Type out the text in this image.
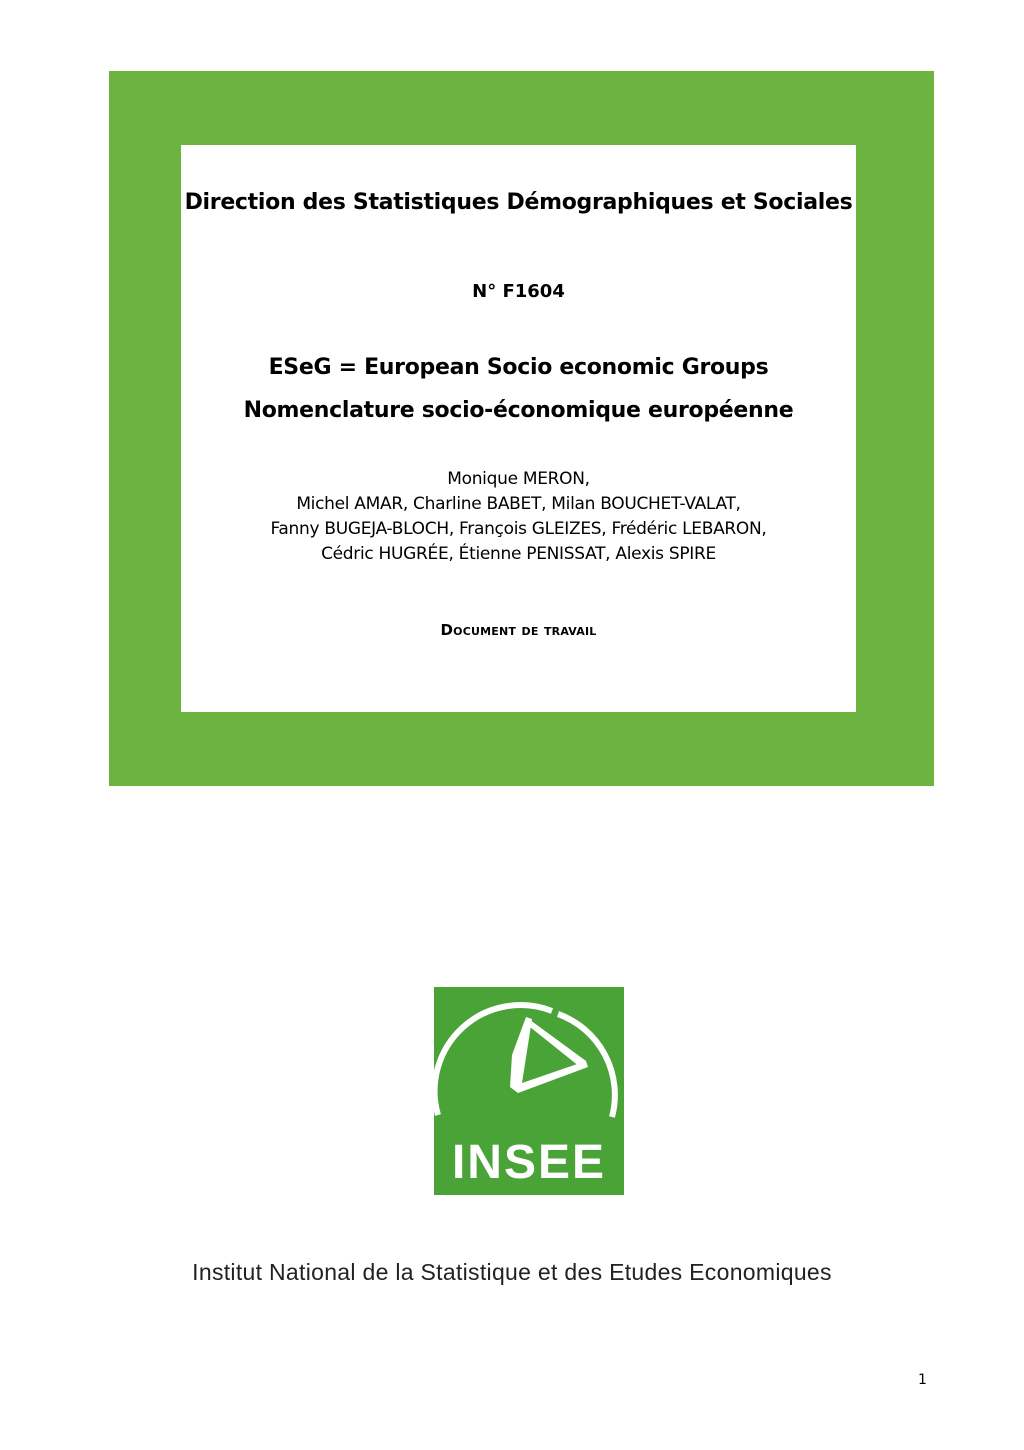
Direction des Statistiques Démographiques et Sociales
N° F1604
ESeG = European Socio economic Groups
Nomenclature socio-économique européenne
Monique MERON,
Michel AMAR, Charline BABET, Milan BOUCHET-VALAT,
Fanny BUGEJA-BLOCH, François GLEIZES, Frédéric LEBARON,
Cédric HUGRÉE, Étienne PENISSAT, Alexis SPIRE
Document de travail
INSEE
Institut National de la Statistique et des Etudes Economiques
1
